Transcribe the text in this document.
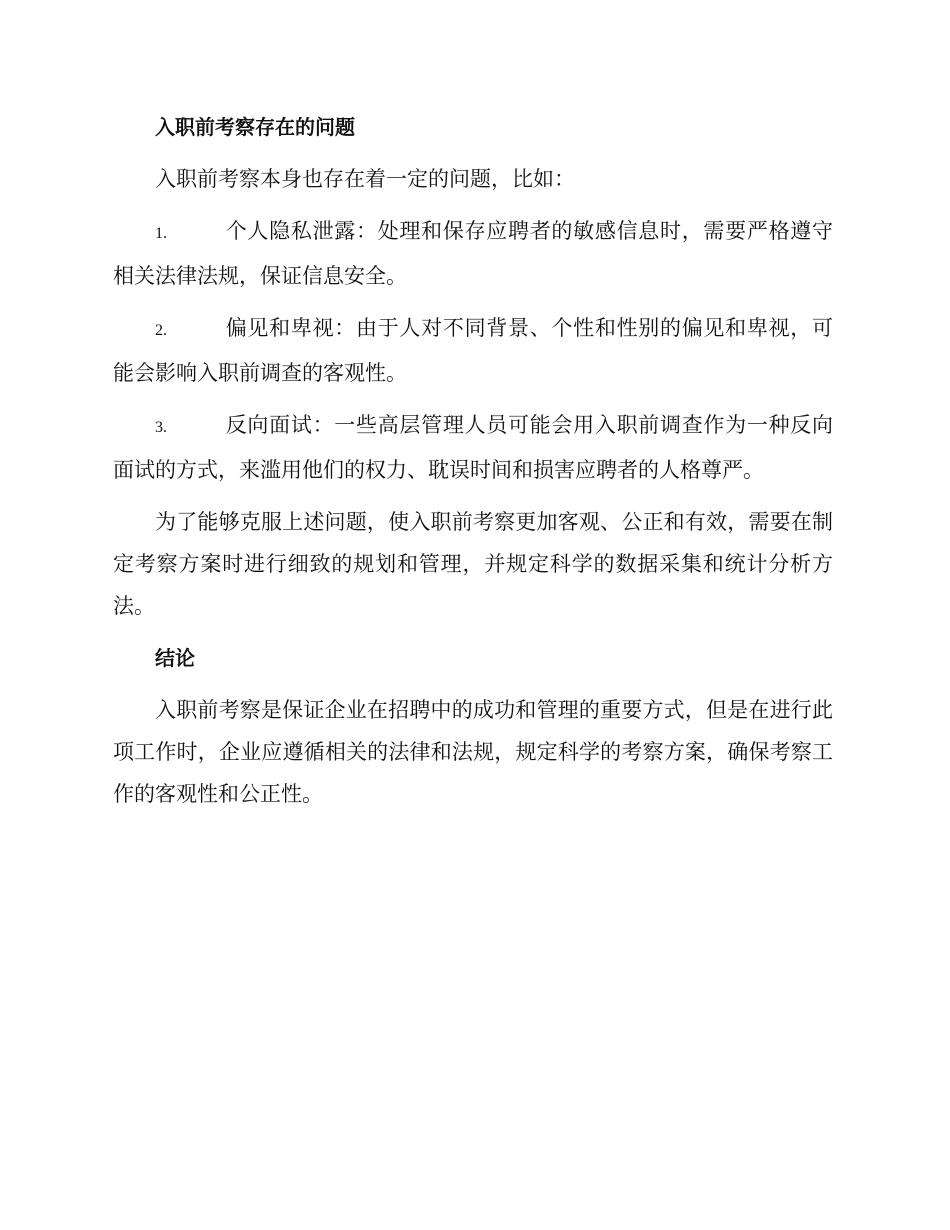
入职前考察存在的问题

入职前考察本身也存在着一定的问题，比如：

1.	个人隐私泄露：处理和保存应聘者的敏感信息时，需要严格遵守相关法律法规，保证信息安全。

2.	偏见和卑视：由于人对不同背景、个性和性别的偏见和卑视，可能会影响入职前调查的客观性。

3.	反向面试：一些高层管理人员可能会用入职前调查作为一种反向面试的方式，来滥用他们的权力、耽误时间和损害应聘者的人格尊严。

为了能够克服上述问题，使入职前考察更加客观、公正和有效，需要在制定考察方案时进行细致的规划和管理，并规定科学的数据采集和统计分析方法。

结论

入职前考察是保证企业在招聘中的成功和管理的重要方式，但是在进行此项工作时，企业应遵循相关的法律和法规，规定科学的考察方案，确保考察工作的客观性和公正性。
